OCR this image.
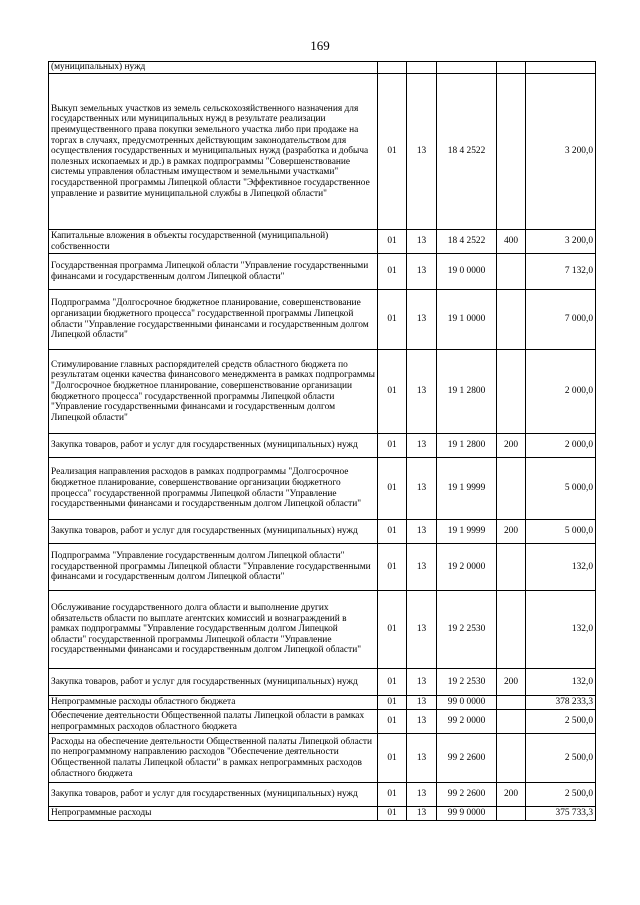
169
(муниципальных) нужд					
Выкуп земельных участков из земель сельскохозяйственного назначения для государственных или муниципальных нужд в результате реализации преимущественного права покупки земельного участка либо при продаже на торгах в случаях, предусмотренных действующим законодательством для осуществления государственных и муниципальных нужд (разработка и добыча полезных ископаемых и др.) в рамках подпрограммы "Совершенствование системы управления областным имуществом и земельными участками" государственной программы Липецкой области "Эффективное государственное управление и развитие муниципальной службы в Липецкой области"	01	13	18 4 2522		3 200,0
Капитальные вложения в объекты государственной (муниципальной) собственности	01	13	18 4 2522	400	3 200,0
Государственная программа Липецкой области "Управление государственными финансами и государственным долгом Липецкой области"	01	13	19 0 0000		7 132,0
Подпрограмма "Долгосрочное бюджетное планирование, совершенствование организации бюджетного процесса" государственной программы Липецкой области "Управление государственными финансами и государственным долгом Липецкой области"	01	13	19 1 0000		7 000,0
Стимулирование главных распорядителей средств областного бюджета по результатам оценки качества финансового менеджмента в рамках подпрограммы "Долгосрочное бюджетное планирование, совершенствование организации бюджетного процесса" государственной программы Липецкой области "Управление государственными финансами и государственным долгом Липецкой области"	01	13	19 1 2800		2 000,0
Закупка товаров, работ и услуг для государственных (муниципальных) нужд	01	13	19 1 2800	200	2 000,0
Реализация направления расходов в рамках подпрограммы "Долгосрочное бюджетное планирование, совершенствование организации бюджетного процесса" государственной программы Липецкой области "Управление государственными финансами и государственным долгом Липецкой области"	01	13	19 1 9999		5 000,0
Закупка товаров, работ и услуг для государственных (муниципальных) нужд	01	13	19 1 9999	200	5 000,0
Подпрограмма "Управление государственным долгом Липецкой области" государственной программы Липецкой области "Управление государственными финансами и государственным долгом Липецкой области"	01	13	19 2 0000		132,0
Обслуживание государственного долга области и выполнение других обязательств области по выплате агентских комиссий и вознаграждений в рамках подпрограммы "Управление государственным долгом Липецкой области" государственной программы Липецкой области "Управление государственными финансами и государственным долгом Липецкой области"	01	13	19 2 2530		132,0
Закупка товаров, работ и услуг для государственных (муниципальных) нужд	01	13	19 2 2530	200	132,0
Непрограммные расходы областного бюджета	01	13	99 0 0000		378 233,3
Обеспечение деятельности Общественной палаты Липецкой области в рамках непрограммных расходов областного бюджета	01	13	99 2 0000		2 500,0
Расходы на обеспечение деятельности Общественной палаты Липецкой области по непрограммному направлению расходов "Обеспечение деятельности Общественной палаты Липецкой области" в рамках непрограммных расходов областного бюджета	01	13	99 2 2600		2 500,0
Закупка товаров, работ и услуг для государственных (муниципальных) нужд	01	13	99 2 2600	200	2 500,0
Непрограммные расходы	01	13	99 9 0000		375 733,3
